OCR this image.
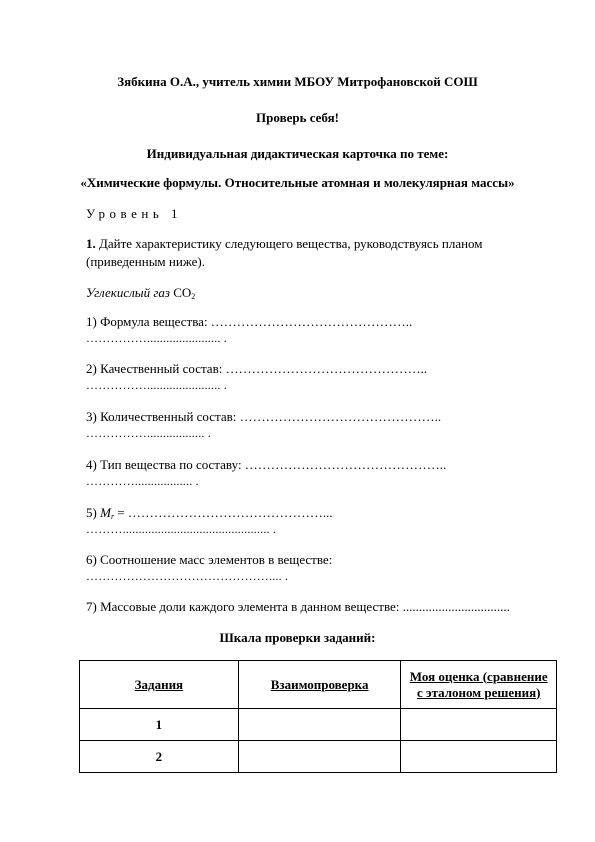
Зябкина О.А., учитель химии МБОУ Митрофановской СОШ
Проверь себя!
Индивидуальная дидактическая карточка по теме:
«Химические формулы. Относительные атомная и молекулярная массы»
Уровень 1
1. Дайте характеристику следующего вещества, руководствуясь планом
(приведенным ниже).
Углекислый газ $CO_2$
1) Формула вещества: ………………………………………..
……………....................... .
2) Качественный состав: ………………………………………..
……………....................... .
3) Количественный состав: ………………………………………..
…………….................. .
4) Тип вещества по составу: ………………………………………..
………….................. .
5) $M_r$ = ………………………………………...
……….............................................. .
6) Соотношение масс элементов в веществе:
……………………………………….... .
7) Массовые доли каждого элемента в данном веществе: .................................
Шкала проверки заданий:
Задания	Взаимопроверка	Моя оценка (сравнение с эталоном решения)
1		
2		
